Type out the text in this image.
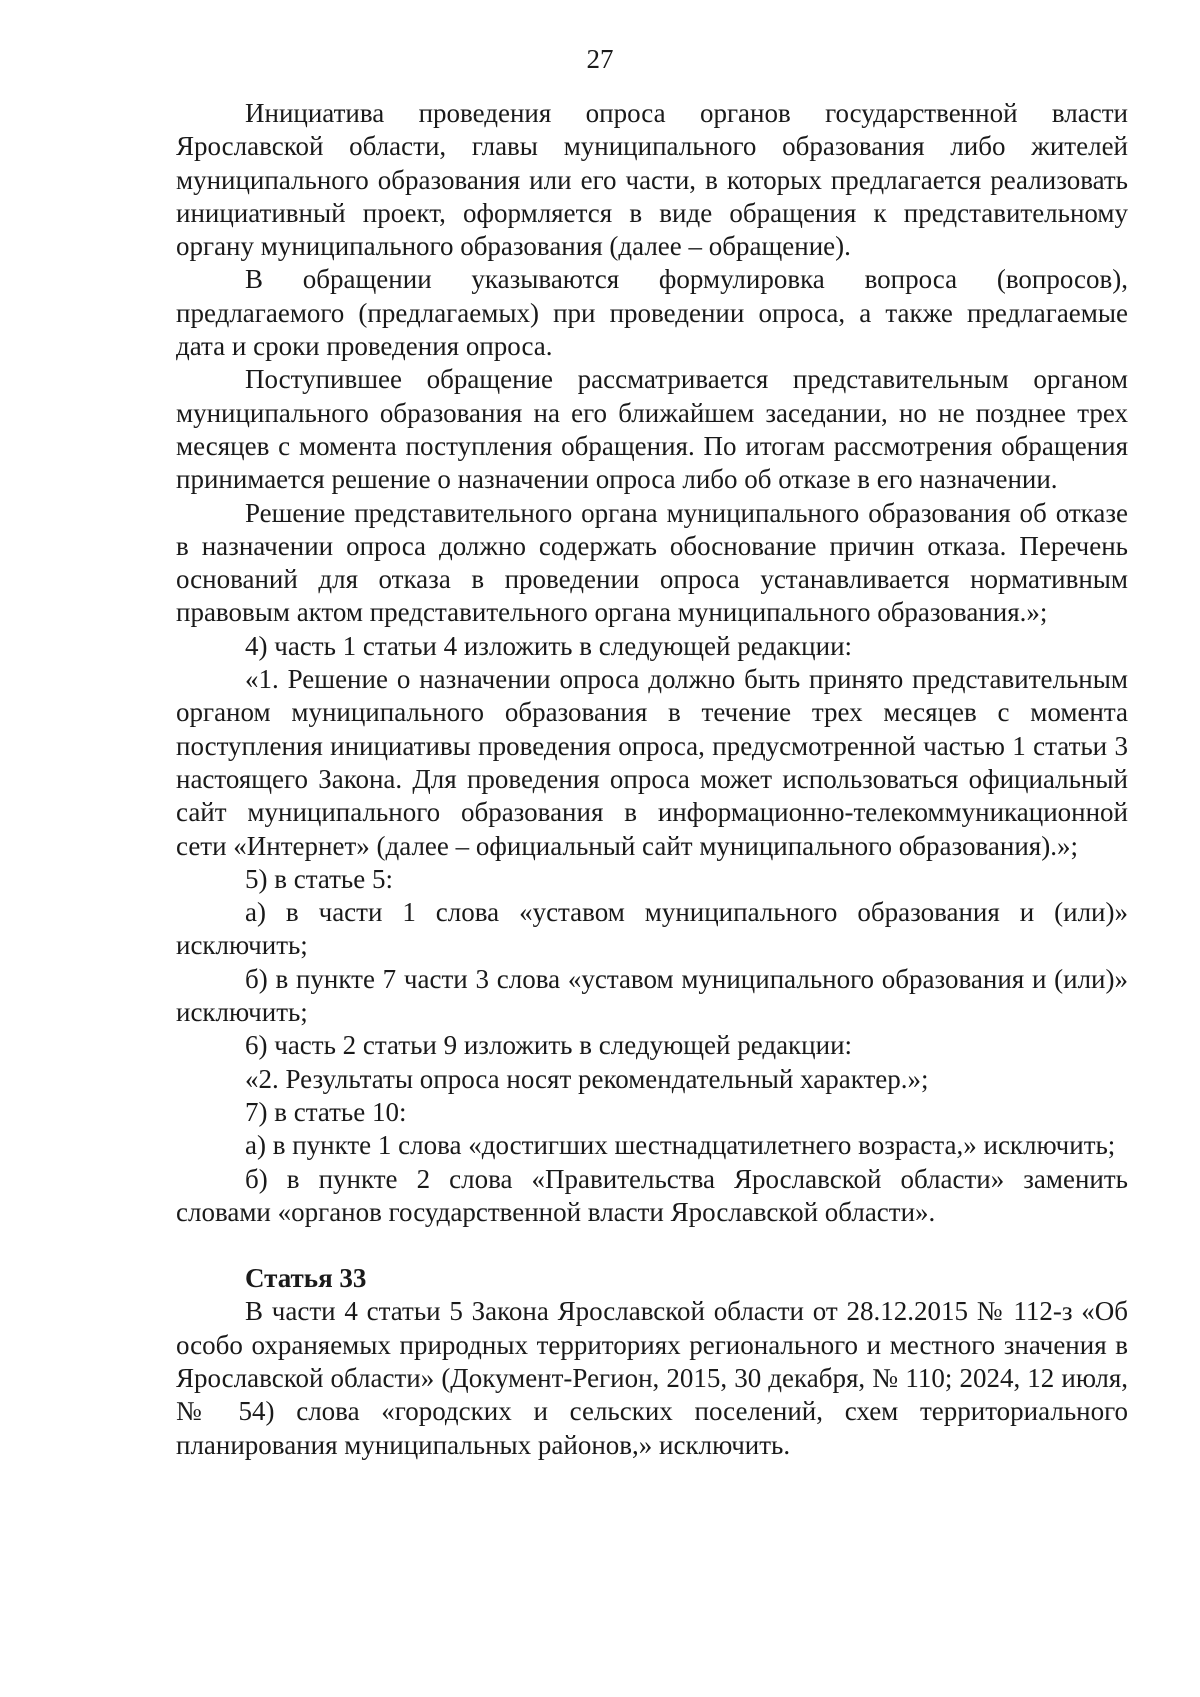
27

Инициатива проведения опроса органов государственной власти Ярославской области, главы муниципального образования либо жителей муниципального образования или его части, в которых предлагается реализовать инициативный проект, оформляется в виде обращения к представительному органу муниципального образования (далее – обращение).

В обращении указываются формулировка вопроса (вопросов), предлагаемого (предлагаемых) при проведении опроса, а также предлагаемые дата и сроки проведения опроса.

Поступившее обращение рассматривается представительным органом муниципального образования на его ближайшем заседании, но не позднее трех месяцев с момента поступления обращения. По итогам рассмотрения обращения принимается решение о назначении опроса либо об отказе в его назначении.

Решение представительного органа муниципального образования об отказе в назначении опроса должно содержать обоснование причин отказа. Перечень оснований для отказа в проведении опроса устанавливается нормативным правовым актом представительного органа муниципального образования.»;

4) часть 1 статьи 4 изложить в следующей редакции:

«1. Решение о назначении опроса должно быть принято представительным органом муниципального образования в течение трех месяцев с момента поступления инициативы проведения опроса, предусмотренной частью 1 статьи 3 настоящего Закона. Для проведения опроса может использоваться официальный сайт муниципального образования в информационно-телекоммуникационной сети «Интернет» (далее – официальный сайт муниципального образования).»;

5) в статье 5:

а) в части 1 слова «уставом муниципального образования и (или)» исключить;

б) в пункте 7 части 3 слова «уставом муниципального образования и (или)» исключить;

6) часть 2 статьи 9 изложить в следующей редакции:

«2. Результаты опроса носят рекомендательный характер.»;

7) в статье 10:

а) в пункте 1 слова «достигших шестнадцатилетнего возраста,» исключить;

б) в пункте 2 слова «Правительства Ярославской области» заменить словами «органов государственной власти Ярославской области».

Статья 33

В части 4 статьи 5 Закона Ярославской области от 28.12.2015 № 112-з «Об особо охраняемых природных территориях регионального и местного значения в Ярославской области» (Документ-Регион, 2015, 30 декабря, № 110; 2024, 12 июля, № 54) слова «городских и сельских поселений, схем территориального планирования муниципальных районов,» исключить.
